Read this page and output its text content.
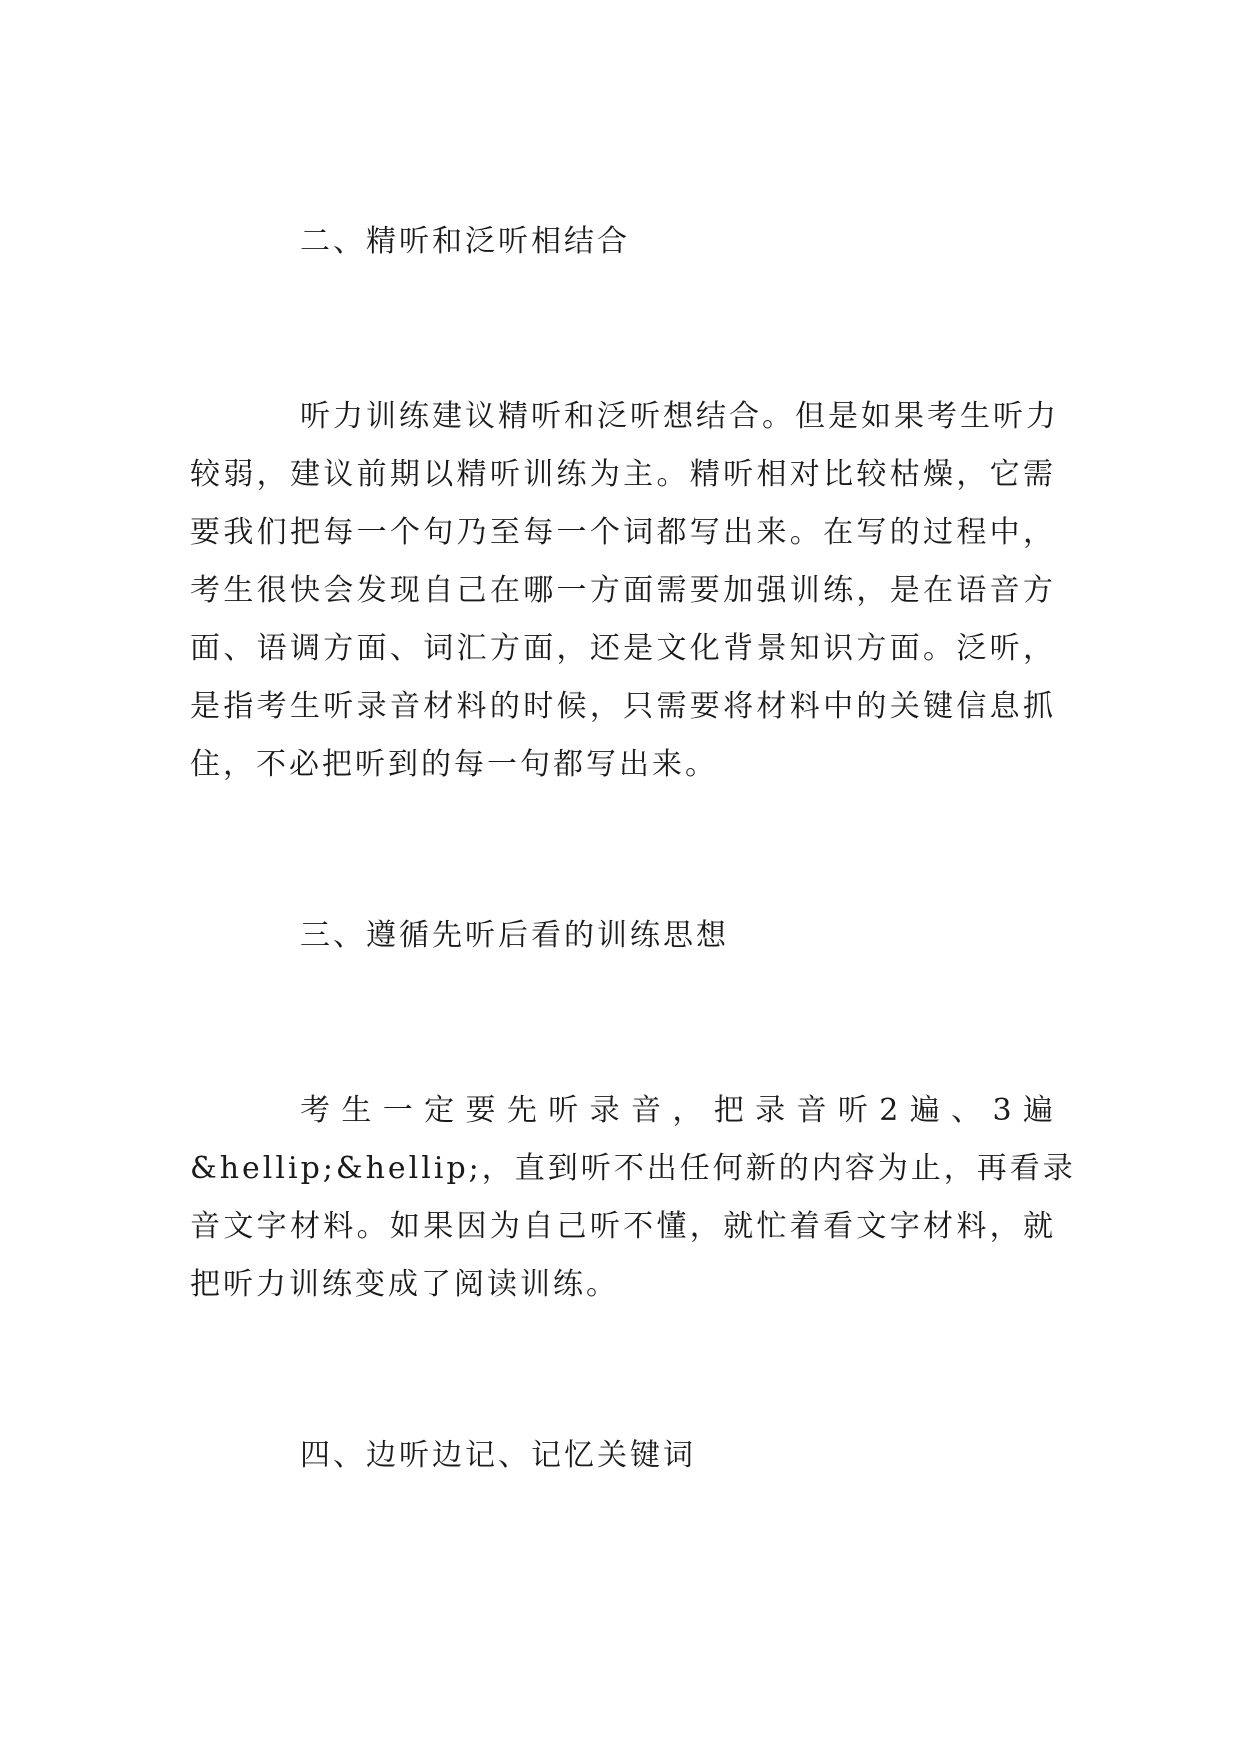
二、精听和泛听相结合
听力训练建议精听和泛听想结合。但是如果考生听力
较弱，建议前期以精听训练为主。精听相对比较枯燥，它需
要我们把每一个句乃至每一个词都写出来。在写的过程中，
考生很快会发现自己在哪一方面需要加强训练，是在语音方
面、语调方面、词汇方面，还是文化背景知识方面。泛听，
是指考生听录音材料的时候，只需要将材料中的关键信息抓
住，不必把听到的每一句都写出来。
三、遵循先听后看的训练思想
考生一定要先听录音，把录音听2遍、3遍
&hellip;&hellip;，直到听不出任何新的内容为止，再看录
音文字材料。如果因为自己听不懂，就忙着看文字材料，就
把听力训练变成了阅读训练。
四、边听边记、记忆关键词
